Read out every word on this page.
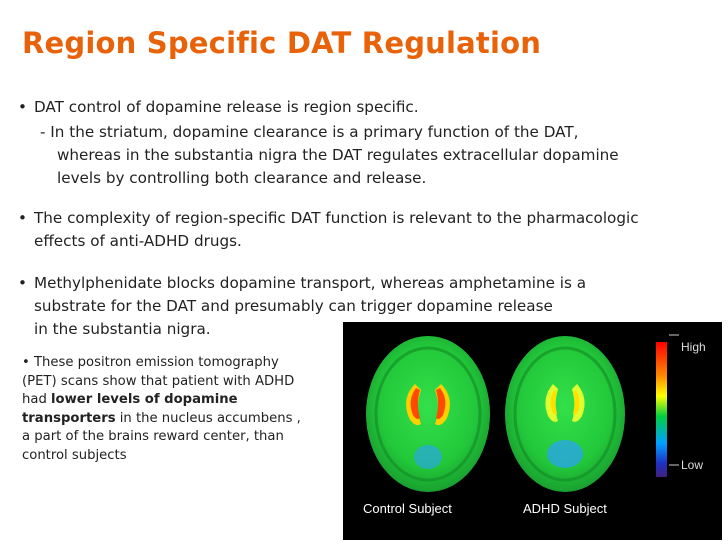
Region Specific DAT Regulation
• DAT control of dopamine release is region specific.
- In the striatum, dopamine clearance is a primary function of the DAT,
whereas in the substantia nigra the DAT regulates extracellular dopamine
levels by controlling both clearance and release.
• The complexity of region-specific DAT function is relevant to the pharmacologic
effects of anti-ADHD drugs.
• Methylphenidate blocks dopamine transport, whereas amphetamine is a
substrate for the DAT and presumably can trigger dopamine release
in the substantia nigra.
• These positron emission tomography
(PET) scans show that patient with ADHD
had lower levels of dopamine
transporters in the nucleus accumbens ,
a part of the brains reward center, than
control subjects
High
Low
Control Subject	ADHD Subject
